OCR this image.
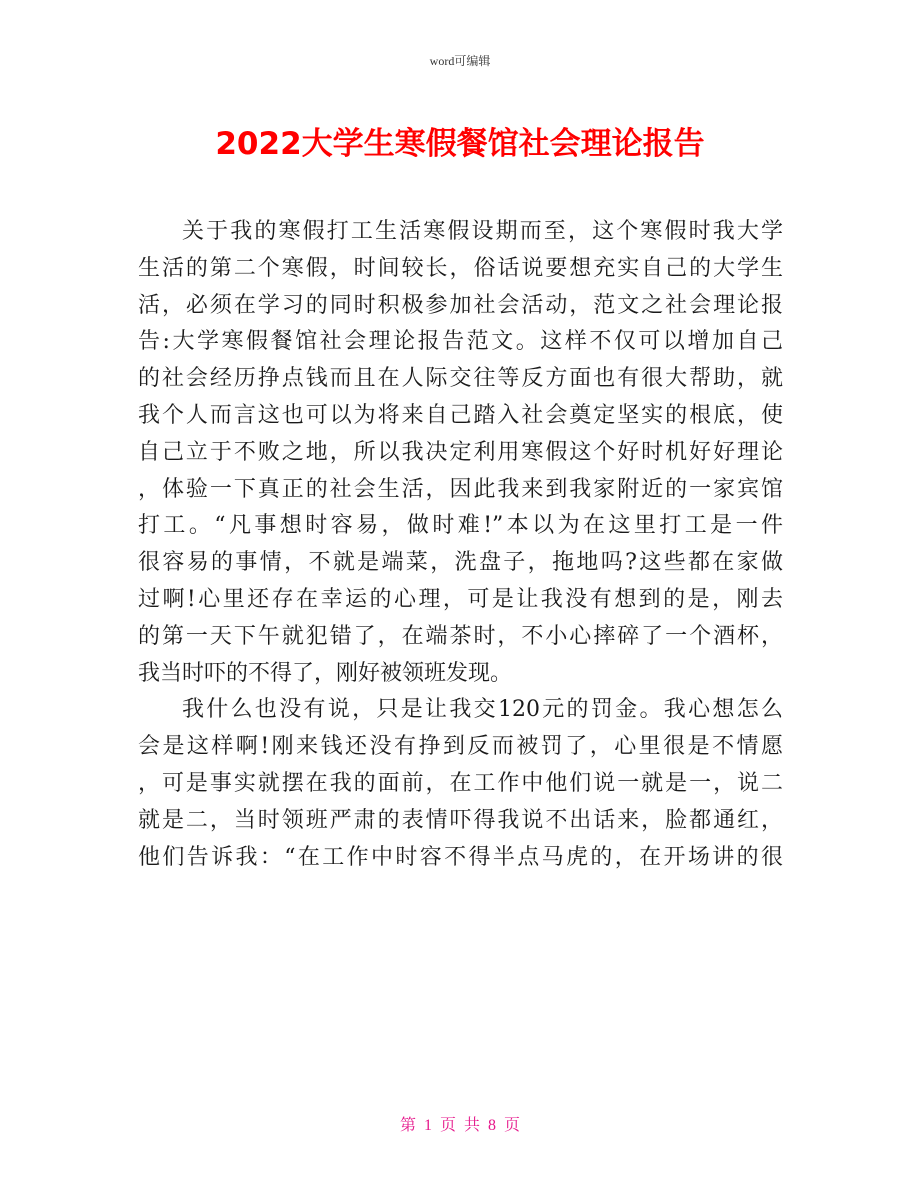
word可编辑
2022大学生寒假餐馆社会理论报告
关于我的寒假打工生活寒假设期而至，这个寒假时我大学
生活的第二个寒假，时间较长，俗话说要想充实自己的大学生
活，必须在学习的同时积极参加社会活动，范文之社会理论报
告:大学寒假餐馆社会理论报告范文。这样不仅可以增加自己
的社会经历挣点钱而且在人际交往等反方面也有很大帮助，就
我个人而言这也可以为将来自己踏入社会奠定坚实的根底，使
自己立于不败之地，所以我决定利用寒假这个好时机好好理论
，体验一下真正的社会生活，因此我来到我家附近的一家宾馆
打工。“凡事想时容易，做时难!”本以为在这里打工是一件
很容易的事情，不就是端菜，洗盘子，拖地吗?这些都在家做
过啊!心里还存在幸运的心理，可是让我没有想到的是，刚去
的第一天下午就犯错了，在端茶时，不小心摔碎了一个酒杯，
我当时吓的不得了，刚好被领班发现。
我什么也没有说，只是让我交120元的罚金。我心想怎么
会是这样啊!刚来钱还没有挣到反而被罚了，心里很是不情愿
，可是事实就摆在我的面前，在工作中他们说一就是一，说二
就是二，当时领班严肃的表情吓得我说不出话来，脸都通红，
他们告诉我：“在工作中时容不得半点马虎的，在开场讲的很
第 1 页 共 8 页
